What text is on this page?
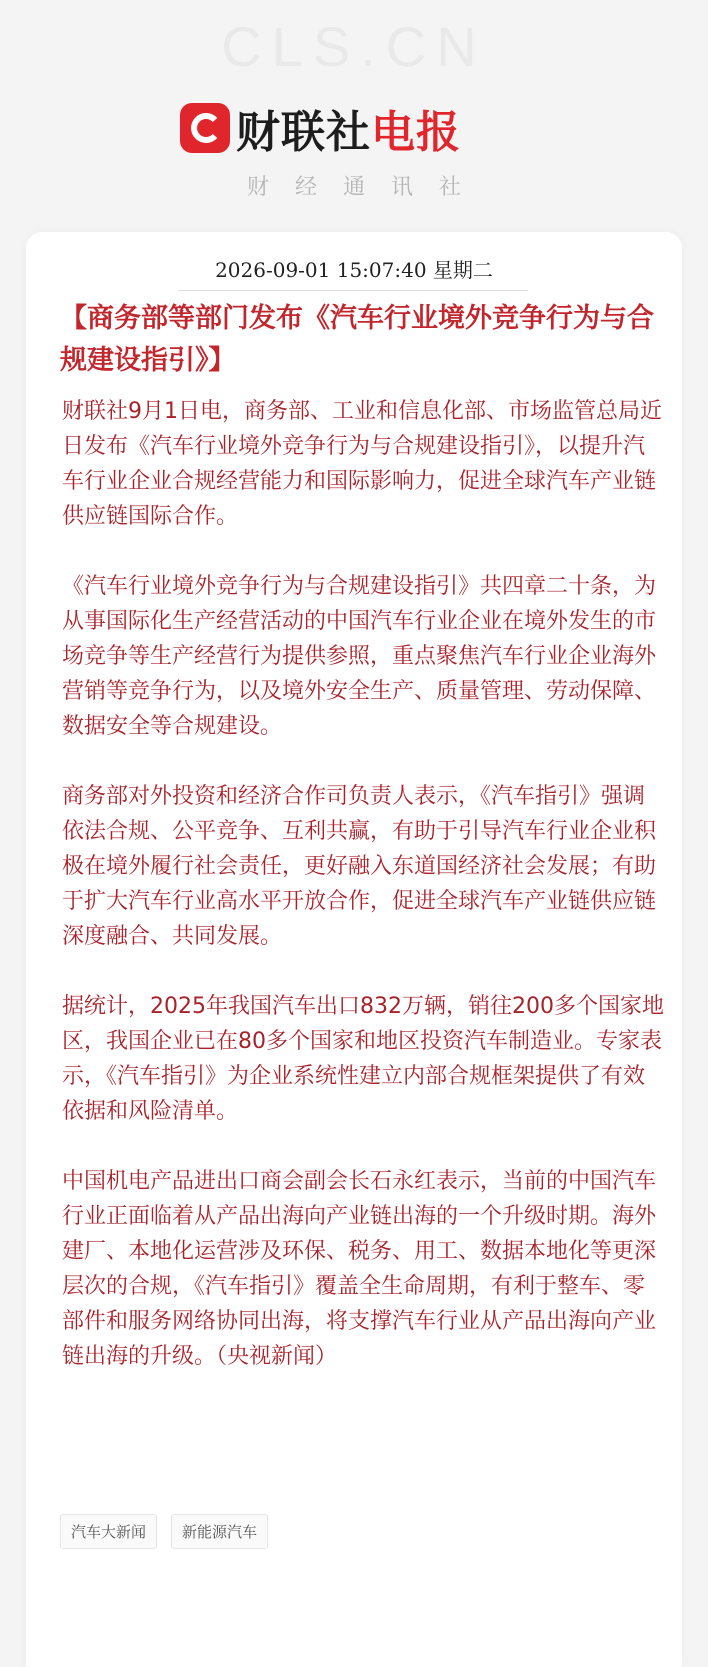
CLS.CN
财联社 电报
财经通讯社
2026-09-01 15:07:40 星期二
【商务部等部门发布《汽车行业境外竞争行为与合规建设指引》】

财联社9月1日电，商务部、工业和信息化部、市场监管总局近日发布《汽车行业境外竞争行为与合规建设指引》，以提升汽车行业企业合规经营能力和国际影响力，促进全球汽车产业链供应链国际合作。

《汽车行业境外竞争行为与合规建设指引》共四章二十条，为从事国际化生产经营活动的中国汽车行业企业在境外发生的市场竞争等生产经营行为提供参照，重点聚焦汽车行业企业海外营销等竞争行为，以及境外安全生产、质量管理、劳动保障、数据安全等合规建设。

商务部对外投资和经济合作司负责人表示，《汽车指引》强调依法合规、公平竞争、互利共赢，有助于引导汽车行业企业积极在境外履行社会责任，更好融入东道国经济社会发展；有助于扩大汽车行业高水平开放合作，促进全球汽车产业链供应链深度融合、共同发展。

据统计，2025年我国汽车出口832万辆，销往200多个国家地区，我国企业已在80多个国家和地区投资汽车制造业。专家表示，《汽车指引》为企业系统性建立内部合规框架提供了有效依据和风险清单。

中国机电产品进出口商会副会长石永红表示，当前的中国汽车行业正面临着从产品出海向产业链出海的一个升级时期。海外建厂、本地化运营涉及环保、税务、用工、数据本地化等更深层次的合规，《汽车指引》覆盖全生命周期，有利于整车、零部件和服务网络协同出海，将支撑汽车行业从产品出海向产业链出海的升级。（央视新闻）

汽车大新闻	新能源汽车
